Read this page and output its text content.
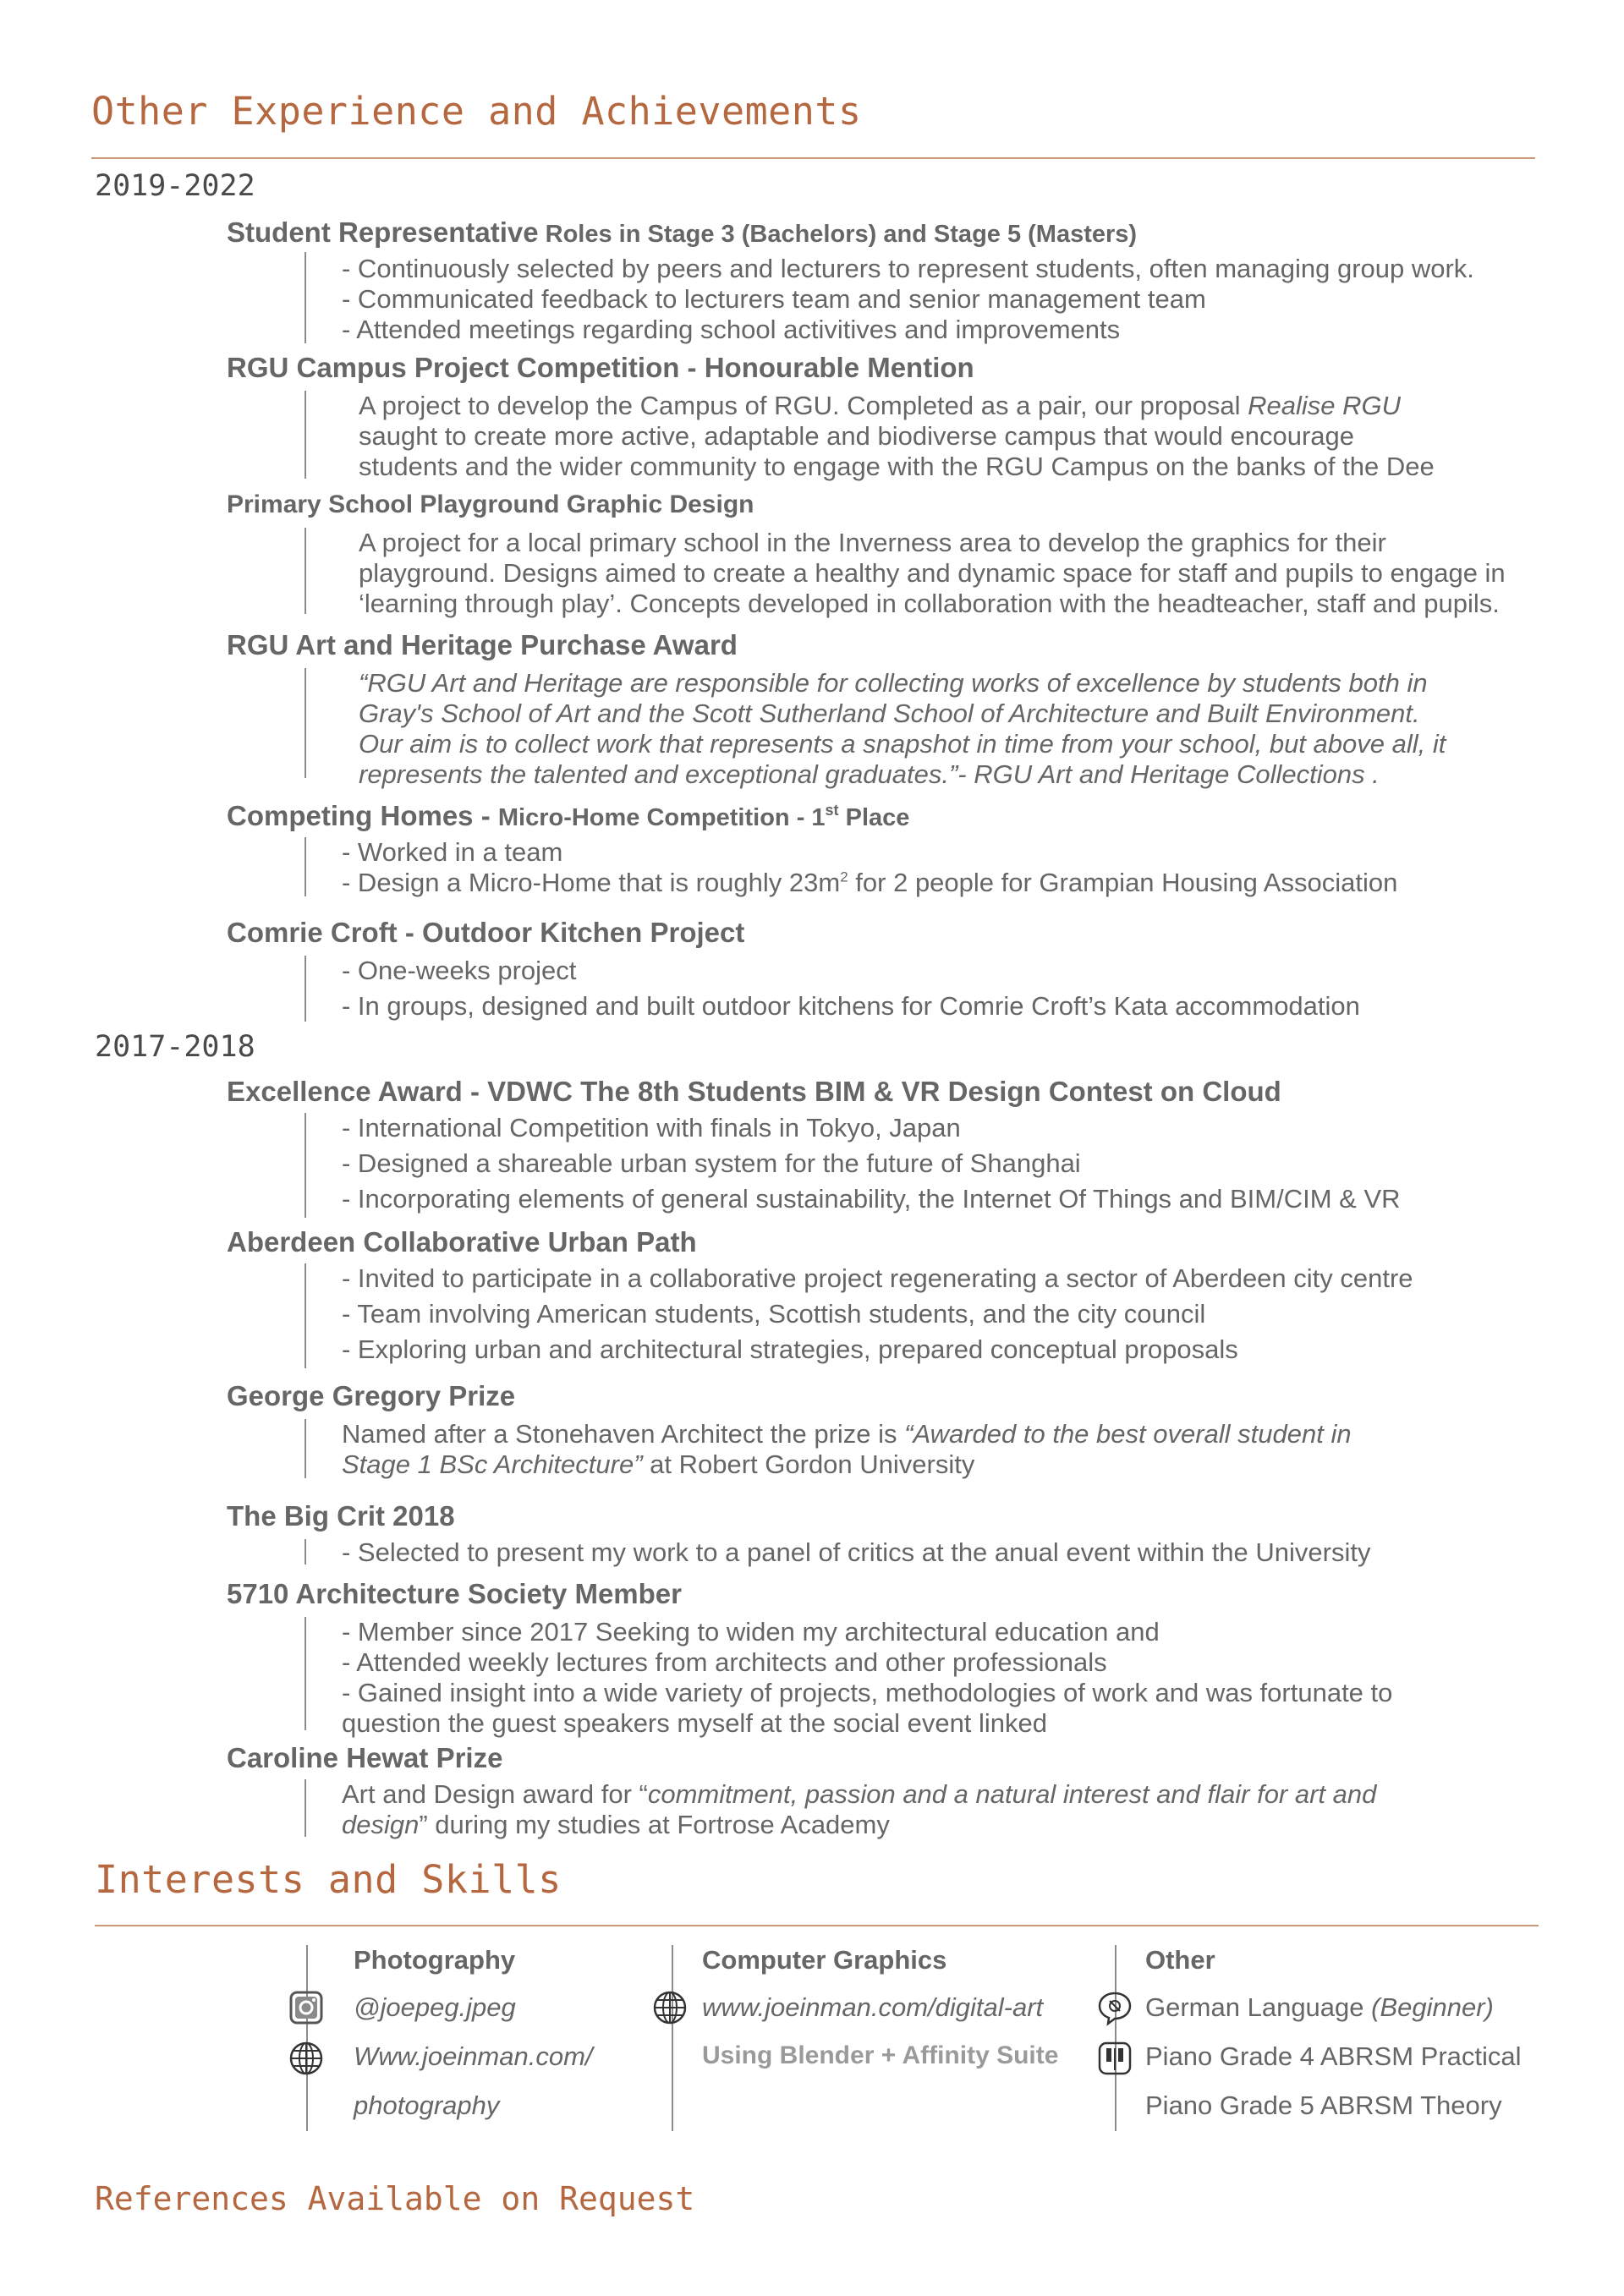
Other Experience and Achievements
2019-2022
Student Representative Roles in Stage 3 (Bachelors) and Stage 5 (Masters)
- Continuously selected by peers and lecturers to represent students, often managing group work.
- Communicated feedback to lecturers team and senior management team
- Attended meetings regarding school activitives and improvements
RGU Campus Project Competition - Honourable Mention
A project to develop the Campus of RGU. Completed as a pair, our proposal Realise RGU
saught to create more active, adaptable and biodiverse campus that would encourage
students and the wider community to engage with the RGU Campus on the banks of the Dee
Primary School Playground Graphic Design
A project for a local primary school in the Inverness area to develop the graphics for their
playground. Designs aimed to create a healthy and dynamic space for staff and pupils to engage in
‘learning through play’. Concepts developed in collaboration with the headteacher, staff and pupils.
RGU Art and Heritage Purchase Award
“RGU Art and Heritage are responsible for collecting works of excellence by students both in
Gray's School of Art and the Scott Sutherland School of Architecture and Built Environment.
Our aim is to collect work that represents a snapshot in time from your school, but above all, it
represents the talented and exceptional graduates.”- RGU Art and Heritage Collections .
Competing Homes - Micro-Home Competition - 1st Place
- Worked in a team
- Design a Micro-Home that is roughly $23m^2$ for 2 people for Grampian Housing Association
Comrie Croft - Outdoor Kitchen Project
- One-weeks project
- In groups, designed and built outdoor kitchens for Comrie Croft’s Kata accommodation
2017-2018
Excellence Award - VDWC The 8th Students BIM & VR Design Contest on Cloud
- International Competition with finals in Tokyo, Japan
- Designed a shareable urban system for the future of Shanghai
- Incorporating elements of general sustainability, the Internet Of Things and BIM/CIM & VR
Aberdeen Collaborative Urban Path
- Invited to participate in a collaborative project regenerating a sector of Aberdeen city centre
- Team involving American students, Scottish students, and the city council
- Exploring urban and architectural strategies, prepared conceptual proposals
George Gregory Prize
Named after a Stonehaven Architect the prize is “Awarded to the best overall student in
Stage 1 BSc Architecture” at Robert Gordon University
The Big Crit 2018
- Selected to present my work to a panel of critics at the anual event within the University
5710 Architecture Society Member
- Member since 2017 Seeking to widen my architectural education and
- Attended weekly lectures from architects and other professionals
- Gained insight into a wide variety of projects, methodologies of work and was fortunate to
question the guest speakers myself at the social event linked
Caroline Hewat Prize
Art and Design award for “commitment, passion and a natural interest and flair for art and
design” during my studies at Fortrose Academy
Interests and Skills
Photography
@joepeg.jpeg
Www.joeinman.com/
photography
Computer Graphics
www.joeinman.com/digital-art
Using Blender + Affinity Suite
Other
German Language (Beginner)
Piano Grade 4 ABRSM Practical
Piano Grade 5 ABRSM Theory
References Available on Request
